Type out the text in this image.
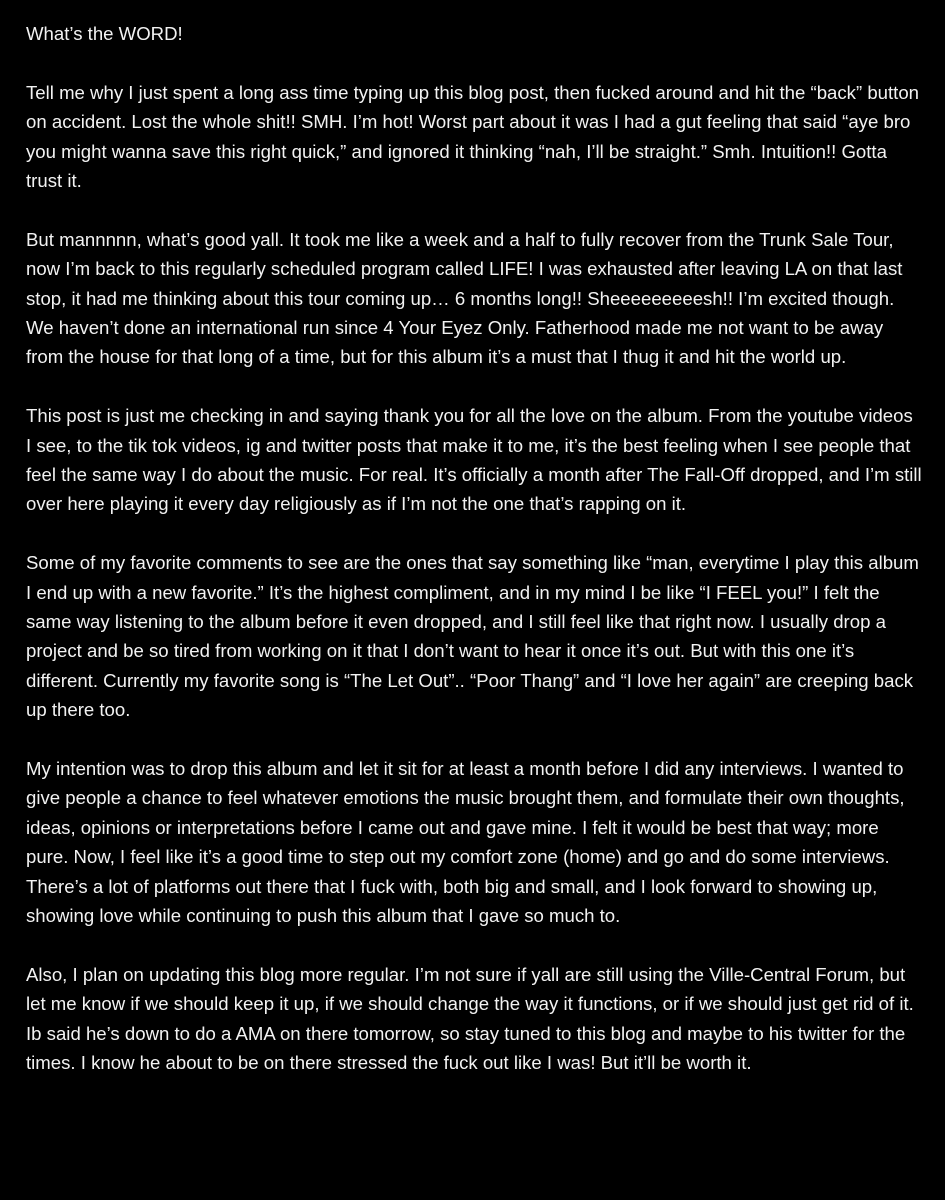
What’s the WORD!

Tell me why I just spent a long ass time typing up this blog post, then fucked around and hit the “back” button on accident. Lost the whole shit!! SMH. I’m hot! Worst part about it was I had a gut feeling that said “aye bro you might wanna save this right quick,” and ignored it thinking “nah, I’ll be straight.” Smh. Intuition!! Gotta trust it.

But mannnnn, what’s good yall. It took me like a week and a half to fully recover from the Trunk Sale Tour, now I’m back to this regularly scheduled program called LIFE! I was exhausted after leaving LA on that last stop, it had me thinking about this tour coming up… 6 months long!! Sheeeeeeeeesh!! I’m excited though. We haven’t done an international run since 4 Your Eyez Only. Fatherhood made me not want to be away from the house for that long of a time, but for this album it’s a must that I thug it and hit the world up.

This post is just me checking in and saying thank you for all the love on the album. From the youtube videos I see, to the tik tok videos, ig and twitter posts that make it to me, it’s the best feeling when I see people that feel the same way I do about the music. For real. It’s officially a month after The Fall-Off dropped, and I’m still over here playing it every day religiously as if I’m not the one that’s rapping on it.

Some of my favorite comments to see are the ones that say something like “man, everytime I play this album I end up with a new favorite.” It’s the highest compliment, and in my mind I be like “I FEEL you!” I felt the same way listening to the album before it even dropped, and I still feel like that right now. I usually drop a project and be so tired from working on it that I don’t want to hear it once it’s out. But with this one it’s different. Currently my favorite song is “The Let Out”.. “Poor Thang” and “I love her again” are creeping back up there too.

My intention was to drop this album and let it sit for at least a month before I did any interviews. I wanted to give people a chance to feel whatever emotions the music brought them, and formulate their own thoughts, ideas, opinions or interpretations before I came out and gave mine. I felt it would be best that way; more pure. Now, I feel like it’s a good time to step out my comfort zone (home) and go and do some interviews. There’s a lot of platforms out there that I fuck with, both big and small, and I look forward to showing up, showing love while continuing to push this album that I gave so much to.

Also, I plan on updating this blog more regular. I’m not sure if yall are still using the Ville-Central Forum, but let me know if we should keep it up, if we should change the way it functions, or if we should just get rid of it. Ib said he’s down to do a AMA on there tomorrow, so stay tuned to this blog and maybe to his twitter for the times. I know he about to be on there stressed the fuck out like I was! But it’ll be worth it.
